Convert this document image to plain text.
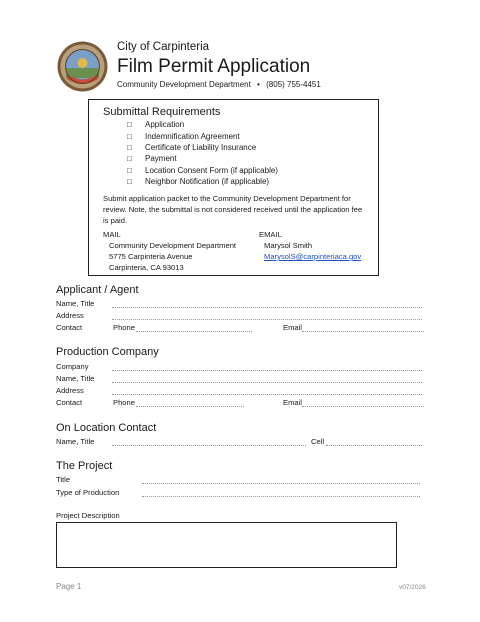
City of Carpinteria
Film Permit Application
Community Development Department • (805) 755-4451
Submittal Requirements
□ Application
□ Indemnification Agreement
□ Certificate of Liability Insurance
□ Payment
□ Location Consent Form (if applicable)
□ Neighbor Notification (if applicable)
Submit application packet to the Community Development Department for review. Note, the submittal is not considered received until the application fee is paid.
MAIL
Community Development Department
5775 Carpinteria Avenue
Carpinteria, CA 93013
EMAIL
Marysol Smith
MarysolS@carpinteriaca.gov
Applicant / Agent
Name, Title
Address
Contact	Phone	Email
Production Company
Company
Name, Title
Address
Contact	Phone	Email
On Location Contact
Name, Title	Cell
The Project
Title
Type of Production
Project Description
Page 1	v07/2026
